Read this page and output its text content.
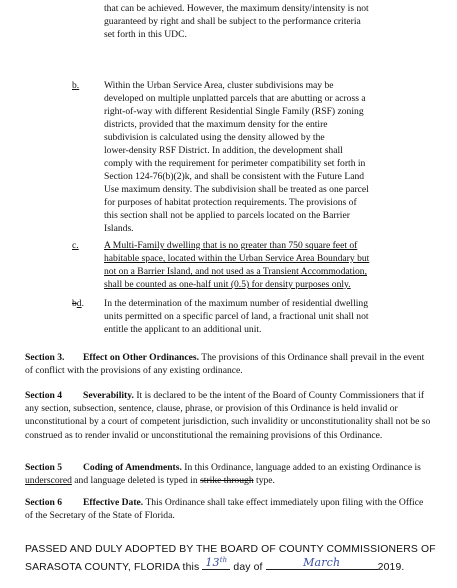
that can be achieved. However, the maximum density/intensity is not

guaranteed by right and shall be subject to the performance criteria

set forth in this UDC.

b.	Within the Urban Service Area, cluster subdivisions may be

developed on multiple unplatted parcels that are abutting or across a

right-of-way with different Residential Single Family (RSF) zoning

districts, provided that the maximum density for the entire

subdivision is calculated using the density allowed by the

lower-density RSF District. In addition, the development shall

comply with the requirement for perimeter compatibility set forth in

Section 124-76(b)(2)k, and shall be consistent with the Future Land

Use maximum density. The subdivision shall be treated as one parcel

for purposes of habitat protection requirements. The provisions of

this section shall not be applied to parcels located on the Barrier

Islands.

c.	A Multi-Family dwelling that is no greater than 750 square feet of

habitable space, located within the Urban Service Area Boundary but

not on a Barrier Island, and not used as a Transient Accommodation,

shall be counted as one-half unit (0.5) for density purposes only.

bd. In the determination of the maximum number of residential dwelling

units permitted on a specific parcel of land, a fractional unit shall not

entitle the applicant to an additional unit.

Section 3. Effect on Other Ordinances. The provisions of this Ordinance shall prevail in the event of conflict with the provisions of any existing ordinance.

Section 4 Severability. It is declared to be the intent of the Board of County Commissioners that if any section, subsection, sentence, clause, phrase, or provision of this Ordinance is held invalid or unconstitutional by a court of competent jurisdiction, such invalidity or unconstitutionality shall not be so construed as to render invalid or unconstitutional the remaining provisions of this Ordinance.

Section 5 Coding of Amendments. In this Ordinance, language added to an existing Ordinance is underscored and language deleted is typed in strike through type.

Section 6 Effective Date. This Ordinance shall take effect immediately upon filing with the Office of the Secretary of the State of Florida.

PASSED AND DULY ADOPTED BY THE BOARD OF COUNTY COMMISSIONERS OF

SARASOTA COUNTY, FLORIDA this 13th
day of	March	2019.
